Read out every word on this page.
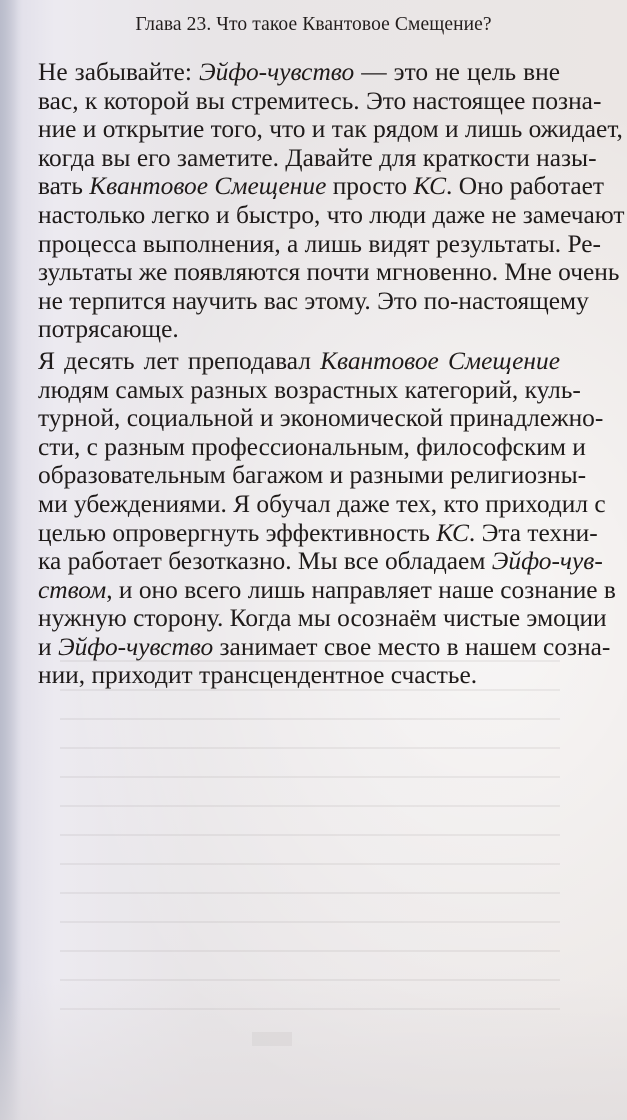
Глава 23. Что такое Квантовое Смещение?

Не забывайте: Эйфо-чувство — это не цель вне
вас, к которой вы стремитесь. Это настоящее позна-
ние и открытие того, что и так рядом и лишь ожидает,
когда вы его заметите. Давайте для краткости назы-
вать Квантовое Смещение просто КС. Оно работает
настолько легко и быстро, что люди даже не замечают
процесса выполнения, а лишь видят результаты. Ре-
зультаты же появляются почти мгновенно. Мне очень
не терпится научить вас этому. Это по-настоящему
потрясающе.

Я десять лет преподавал Квантовое Смещение
людям самых разных возрастных категорий, куль-
турной, социальной и экономической принадлежно-
сти, с разным профессиональным, философским и
образовательным багажом и разными религиозны-
ми убеждениями. Я обучал даже тех, кто приходил с
целью опровергнуть эффективность КС. Эта техни-
ка работает безотказно. Мы все обладаем Эйфо-чув-
ством, и оно всего лишь направляет наше сознание в
нужную сторону. Когда мы осознаём чистые эмоции
и Эйфо-чувство занимает свое место в нашем созна-
нии, приходит трансцендентное счастье.
